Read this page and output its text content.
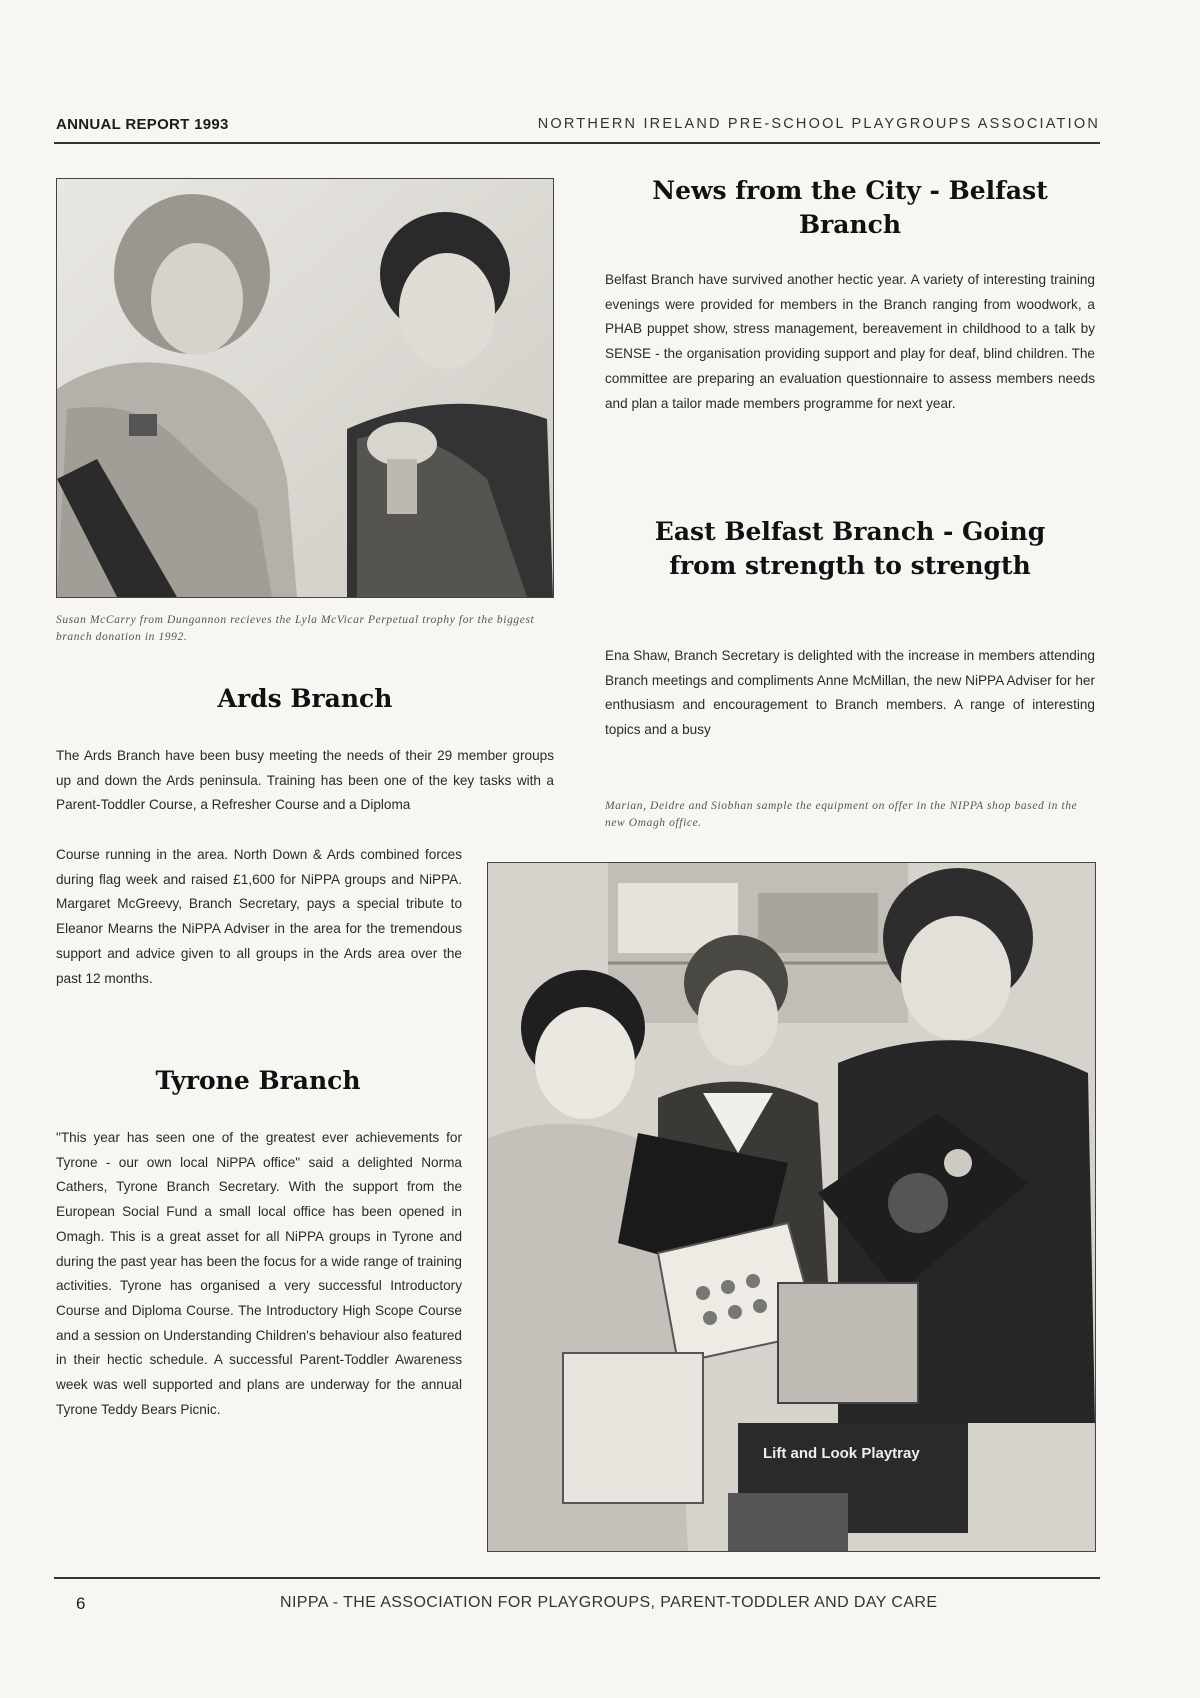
ANNUAL REPORT 1993	NORTHERN IRELAND PRE-SCHOOL PLAYGROUPS ASSOCIATION
Susan McCarry from Dungannon recieves the Lyla McVicar Perpetual trophy for the biggest branch donation in 1992.
Ards Branch

The Ards Branch have been busy meeting the needs of their 29 member groups up and down the Ards peninsula. Training has been one of the key tasks with a Parent-Toddler Course, a Refresher Course and a Diploma

Course running in the area. North Down & Ards combined forces during flag week and raised £1,600 for NiPPA groups and NiPPA. Margaret McGreevy, Branch Secretary, pays a special tribute to Eleanor Mearns the NiPPA Adviser in the area for the tremendous support and advice given to all groups in the Ards area over the past 12 months.

Tyrone Branch

"This year has seen one of the greatest ever achievements for Tyrone - our own local NiPPA office" said a delighted Norma Cathers, Tyrone Branch Secretary. With the support from the European Social Fund a small local office has been opened in Omagh. This is a great asset for all NiPPA groups in Tyrone and during the past year has been the focus for a wide range of training activities. Tyrone has organised a very successful Introductory Course and Diploma Course. The Introductory High Scope Course and a session on Understanding Children's behaviour also featured in their hectic schedule. A successful Parent-Toddler Awareness week was well supported and plans are underway for the annual Tyrone Teddy Bears Picnic.

News from the City - Belfast Branch

Belfast Branch have survived another hectic year. A variety of interesting training evenings were provided for members in the Branch ranging from woodwork, a PHAB puppet show, stress management, bereavement in childhood to a talk by SENSE - the organisation providing support and play for deaf, blind children. The committee are preparing an evaluation questionnaire to assess members needs and plan a tailor made members programme for next year.

East Belfast Branch - Going from strength to strength

Ena Shaw, Branch Secretary is delighted with the increase in members attending Branch meetings and compliments Anne McMillan, the new NiPPA Adviser for her enthusiasm and encouragement to Branch members. A range of interesting topics and a busy

Marian, Deidre and Siobhan sample the equipment on offer in the NIPPA shop based in the new Omagh office.
Lift and Look Playtray
6	NIPPA - THE ASSOCIATION FOR PLAYGROUPS, PARENT-TODDLER AND DAY CARE
